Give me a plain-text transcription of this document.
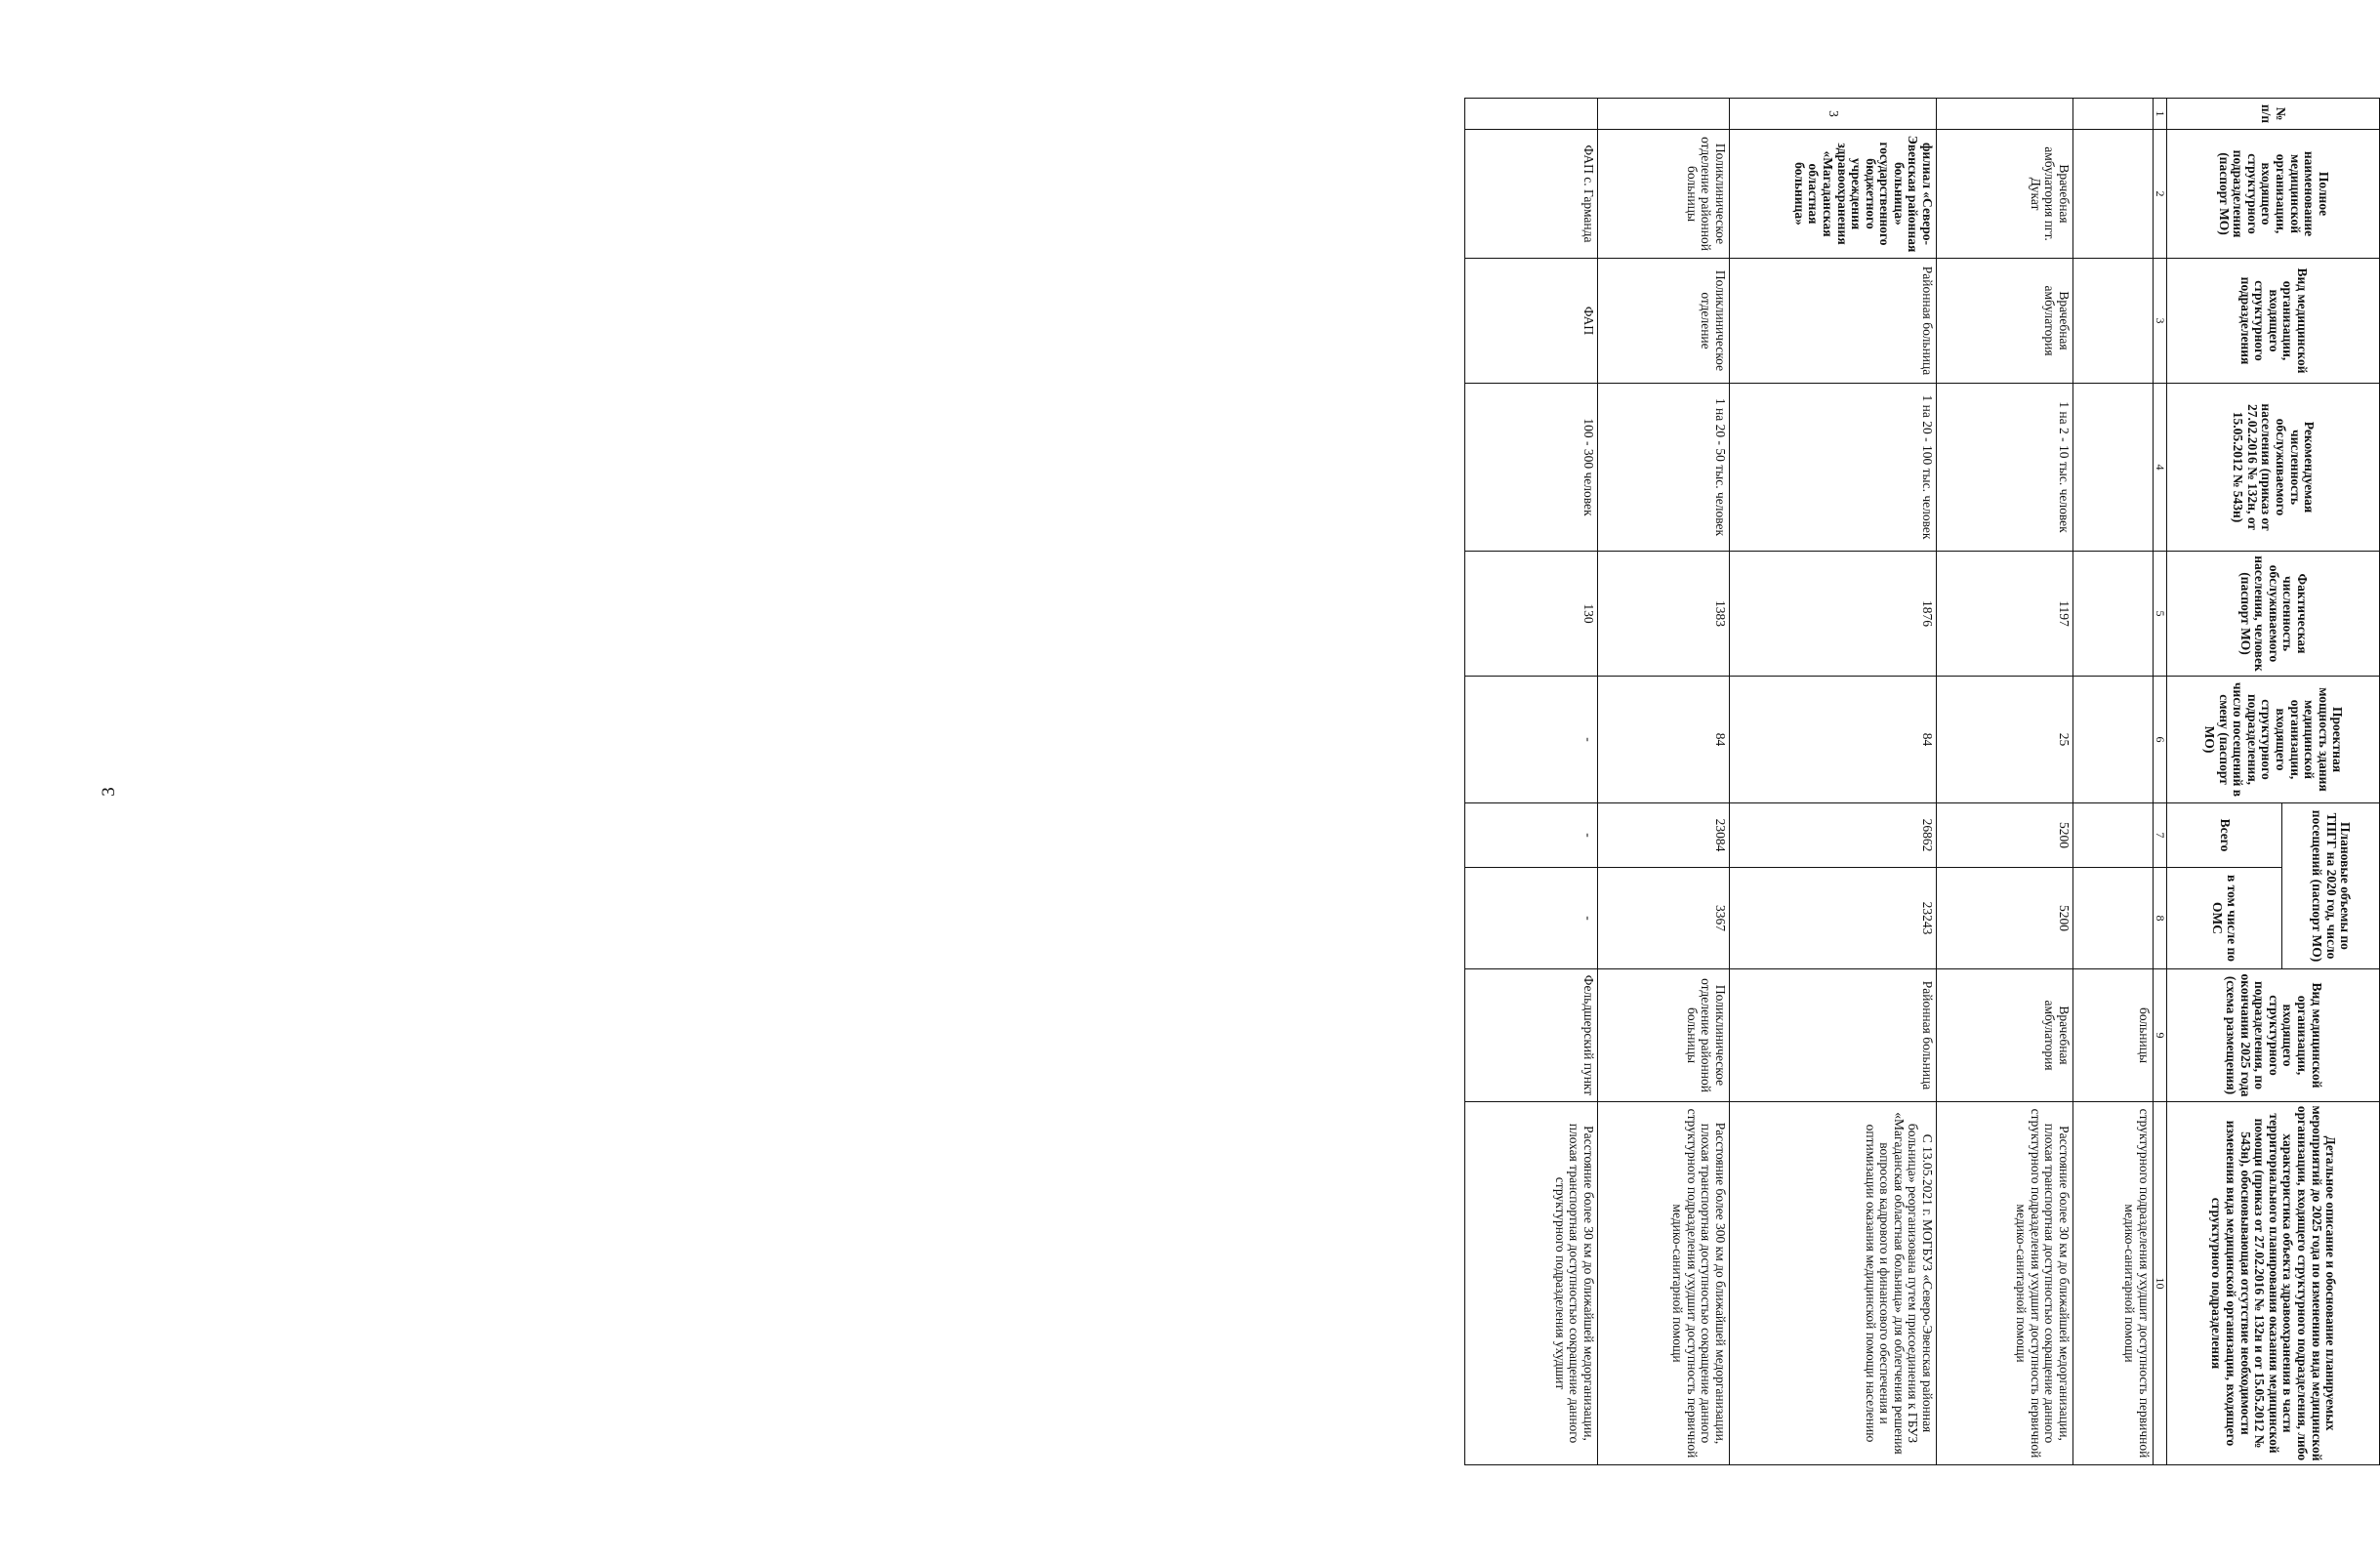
3
№ п/п	Полное наименование медицинской организации, входящего структурного подразделения (паспорт МО)	Вид медицинской организации, входящего структурного подразделения	Рекомендуемая численность обслуживаемого населения (приказ от 27.02.2016 № 132н, от 15.05.2012 № 543н)	Фактическая численность обслуживаемого населения, человек (паспорт МО)	Проектная мощность здания медицинской организации, входящего структурного подразделения, число посещений в смену (паспорт МО)	Плановые объемы по ТПГГ на 2020 год, число посещений (паспорт МО)		Вид медицинской организации, входящего структурного подразделения, по окончании 2025 года (схема размещения)	Детальное описание и обоснование планируемых мероприятий до 2025 года по изменению вида медицинской организации, входящего структурного подразделения, либо характеристика объекта здравоохранения в части территориального планирования оказания медицинской помощи (приказ от 27.02.2016 № 132н и от 15.05.2012 № 543н), обосновывающая отсутствие необходимости изменения вида медицинской организации, входящего структурного подразделения
						Всего	в том числе по ОМС		
1	2	3	4	5	6	7	8	9	10
								больницы	структурного подразделения ухудшит доступность первичной медико-санитарной помощи
	Врачебная амбулатория пгт. Дукат	Врачебная амбулатория	1 на 2 - 10 тыс. человек	1197	25	5200	5200	Врачебная амбулатория	Расстояние более 30 км до ближайшей медорганизации, плохая транспортная доступностью сокращение данного структурного подразделения ухудшит доступность первичной медико-санитарной помощи
3	филиал «Северо-Эвенская районная больница» государственного бюджетного учреждения здравоохранения «Магаданская областная больница»	Районная больница	1 на 20 - 100 тыс. человек	1876	84	26862	23243	Районная больница	С 13.05.2021 г. МОГБУЗ «Северо-Эвенская районная больница» реорганизована путем присоединения к ГБУЗ «Магаданская областная больница» для облегчения решения вопросов кадрового и финансового обеспечения и оптимизации оказания медицинской помощи населению
	Поликлиническое отделение районной больницы	Поликлиническое отделение	1 на 20 - 50 тыс. человек	1383	84	23084	3367	Поликлиническое отделение районной больницы	Расстояние более 300 км до ближайшей медорганизации, плохая транспортная доступностью сокращение данного структурного подразделения ухудшит доступность первичной медико-санитарной помощи
	ФАП с. Гарманда	ФАП	100 - 300 человек	130	-	-	-	Фельдшерский пункт	Расстояние более 30 км до ближайшей медорганизации, плохая транспортная доступностью сокращение данного структурного подразделения ухудшит
